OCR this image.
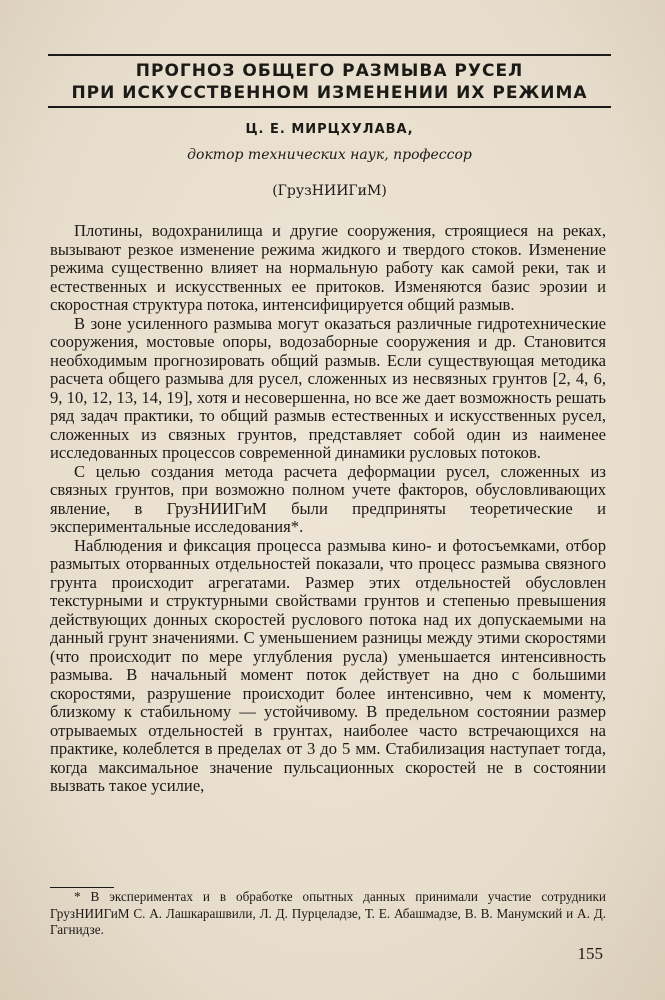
ПРОГНОЗ ОБЩЕГО РАЗМЫВА РУСЕЛ
ПРИ ИСКУССТВЕННОМ ИЗМЕНЕНИИ ИХ РЕЖИМА
Ц. Е. МИРЦХУЛАВА,
доктор технических наук, профессор
(ГрузНИИГиМ)

Плотины, водохранилища и другие сооружения, строящиеся на реках, вызывают резкое изменение режима жидкого и твердого стоков. Изменение режима существенно влияет на нормальную работу как самой реки, так и естественных и искусственных ее притоков. Изменяются базис эрозии и скоростная структура потока, интенсифицируется общий размыв.

В зоне усиленного размыва могут оказаться различные гидротехнические сооружения, мостовые опоры, водозаборные сооружения и др. Становится необходимым прогнозировать общий размыв. Если существующая методика расчета общего размыва для русел, сложенных из несвязных грунтов [2, 4, 6, 9, 10, 12, 13, 14, 19], хотя и несовершенна, но все же дает возможность решать ряд задач практики, то общий размыв естественных и искусственных русел, сложенных из связных грунтов, представляет собой один из наименее исследованных процессов современной динамики русловых потоков.

С целью создания метода расчета деформации русел, сложенных из связных грунтов, при возможно полном учете факторов, обусловливающих явление, в ГрузНИИГиМ были предприняты теоретические и экспериментальные исследования*.

Наблюдения и фиксация процесса размыва кино- и фотосъемками, отбор размытых оторванных отдельностей показали, что процесс размыва связного грунта происходит агрегатами. Размер этих отдельностей обусловлен текстурными и структурными свойствами грунтов и степенью превышения действующих донных скоростей руслового потока над их допускаемыми на данный грунт значениями. С уменьшением разницы между этими скоростями (что происходит по мере углубления русла) уменьшается интенсивность размыва. В начальный момент поток действует на дно с большими скоростями, разрушение происходит более интенсивно, чем к моменту, близкому к стабильному — устойчивому. В предельном состоянии размер отрываемых отдельностей в грунтах, наиболее часто встречающихся на практике, колеблется в пределах от 3 до 5 мм. Стабилизация наступает тогда, когда максимальное значение пульсационных скоростей не в состоянии вызвать такое усилие,

* В экспериментах и в обработке опытных данных принимали участие сотрудники ГрузНИИГиМ С. А. Лашкарашвили, Л. Д. Пурцеладзе, Т. Е. Абашмадзе, В. В. Манумский и А. Д. Гагнидзе.

155
